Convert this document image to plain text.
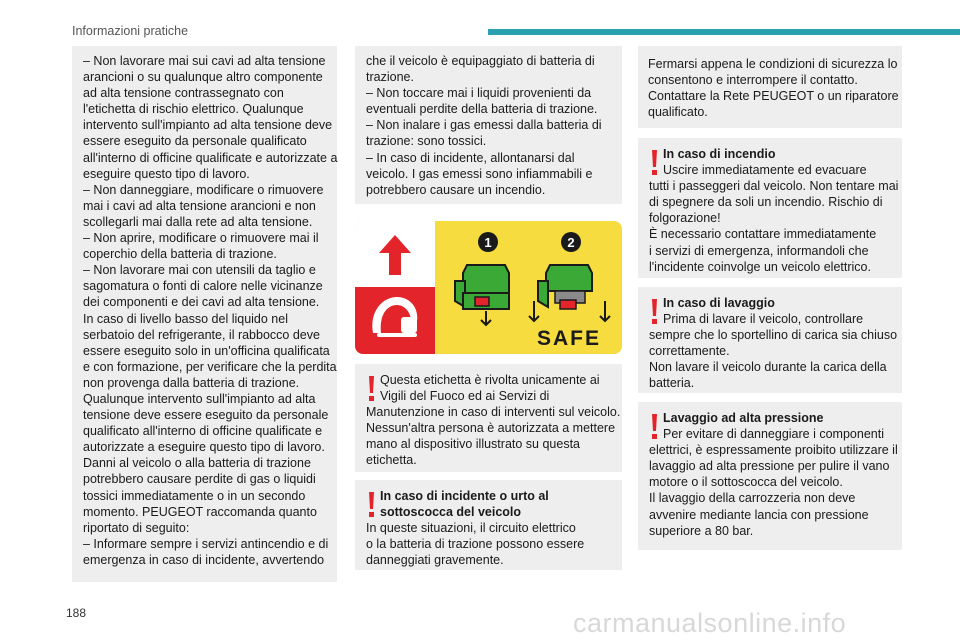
Informazioni pratiche
– Non lavorare mai sui cavi ad alta tensione
arancioni o su qualunque altro componente
ad alta tensione contrassegnato con
l'etichetta di rischio elettrico. Qualunque
intervento sull'impianto ad alta tensione deve
essere eseguito da personale qualificato
all'interno di officine qualificate e autorizzate a
eseguire questo tipo di lavoro.
– Non danneggiare, modificare o rimuovere
mai i cavi ad alta tensione arancioni e non
scollegarli mai dalla rete ad alta tensione.
– Non aprire, modificare o rimuovere mai il
coperchio della batteria di trazione.
– Non lavorare mai con utensili da taglio e
sagomatura o fonti di calore nelle vicinanze
dei componenti e dei cavi ad alta tensione.
In caso di livello basso del liquido nel
serbatoio del refrigerante, il rabbocco deve
essere eseguito solo in un'officina qualificata
e con formazione, per verificare che la perdita
non provenga dalla batteria di trazione.
Qualunque intervento sull'impianto ad alta
tensione deve essere eseguito da personale
qualificato all'interno di officine qualificate e
autorizzate a eseguire questo tipo di lavoro.
Danni al veicolo o alla batteria di trazione
potrebbero causare perdite di gas o liquidi
tossici immediatamente o in un secondo
momento. PEUGEOT raccomanda quanto
riportato di seguito:
– Informare sempre i servizi antincendio e di
emergenza in caso di incidente, avvertendo
che il veicolo è equipaggiato di batteria di
trazione.
– Non toccare mai i liquidi provenienti da
eventuali perdite della batteria di trazione.
– Non inalare i gas emessi dalla batteria di
trazione: sono tossici.
– In caso di incidente, allontanarsi dal
veicolo. I gas emessi sono infiammabili e
potrebbero causare un incendio.
1	2
SAFE
Questa etichetta è rivolta unicamente ai
Vigili del Fuoco ed ai Servizi di
Manutenzione in caso di interventi sul veicolo.
Nessun'altra persona è autorizzata a mettere
mano al dispositivo illustrato su questa
etichetta.
In caso di incidente o urto al
sottoscocca del veicolo
In queste situazioni, il circuito elettrico
o la batteria di trazione possono essere
danneggiati gravemente.
Fermarsi appena le condizioni di sicurezza lo
consentono e interrompere il contatto.
Contattare la Rete PEUGEOT o un riparatore
qualificato.
In caso di incendio
Uscire immediatamente ed evacuare
tutti i passeggeri dal veicolo. Non tentare mai
di spegnere da soli un incendio. Rischio di
folgorazione!
È necessario contattare immediatamente
i servizi di emergenza, informandoli che
l'incidente coinvolge un veicolo elettrico.
In caso di lavaggio
Prima di lavare il veicolo, controllare
sempre che lo sportellino di carica sia chiuso
correttamente.
Non lavare il veicolo durante la carica della
batteria.
Lavaggio ad alta pressione
Per evitare di danneggiare i componenti
elettrici, è espressamente proibito utilizzare il
lavaggio ad alta pressione per pulire il vano
motore o il sottoscocca del veicolo.
Il lavaggio della carrozzeria non deve
avvenire mediante lancia con pressione
superiore a 80 bar.
188	carmanualsonline.info
